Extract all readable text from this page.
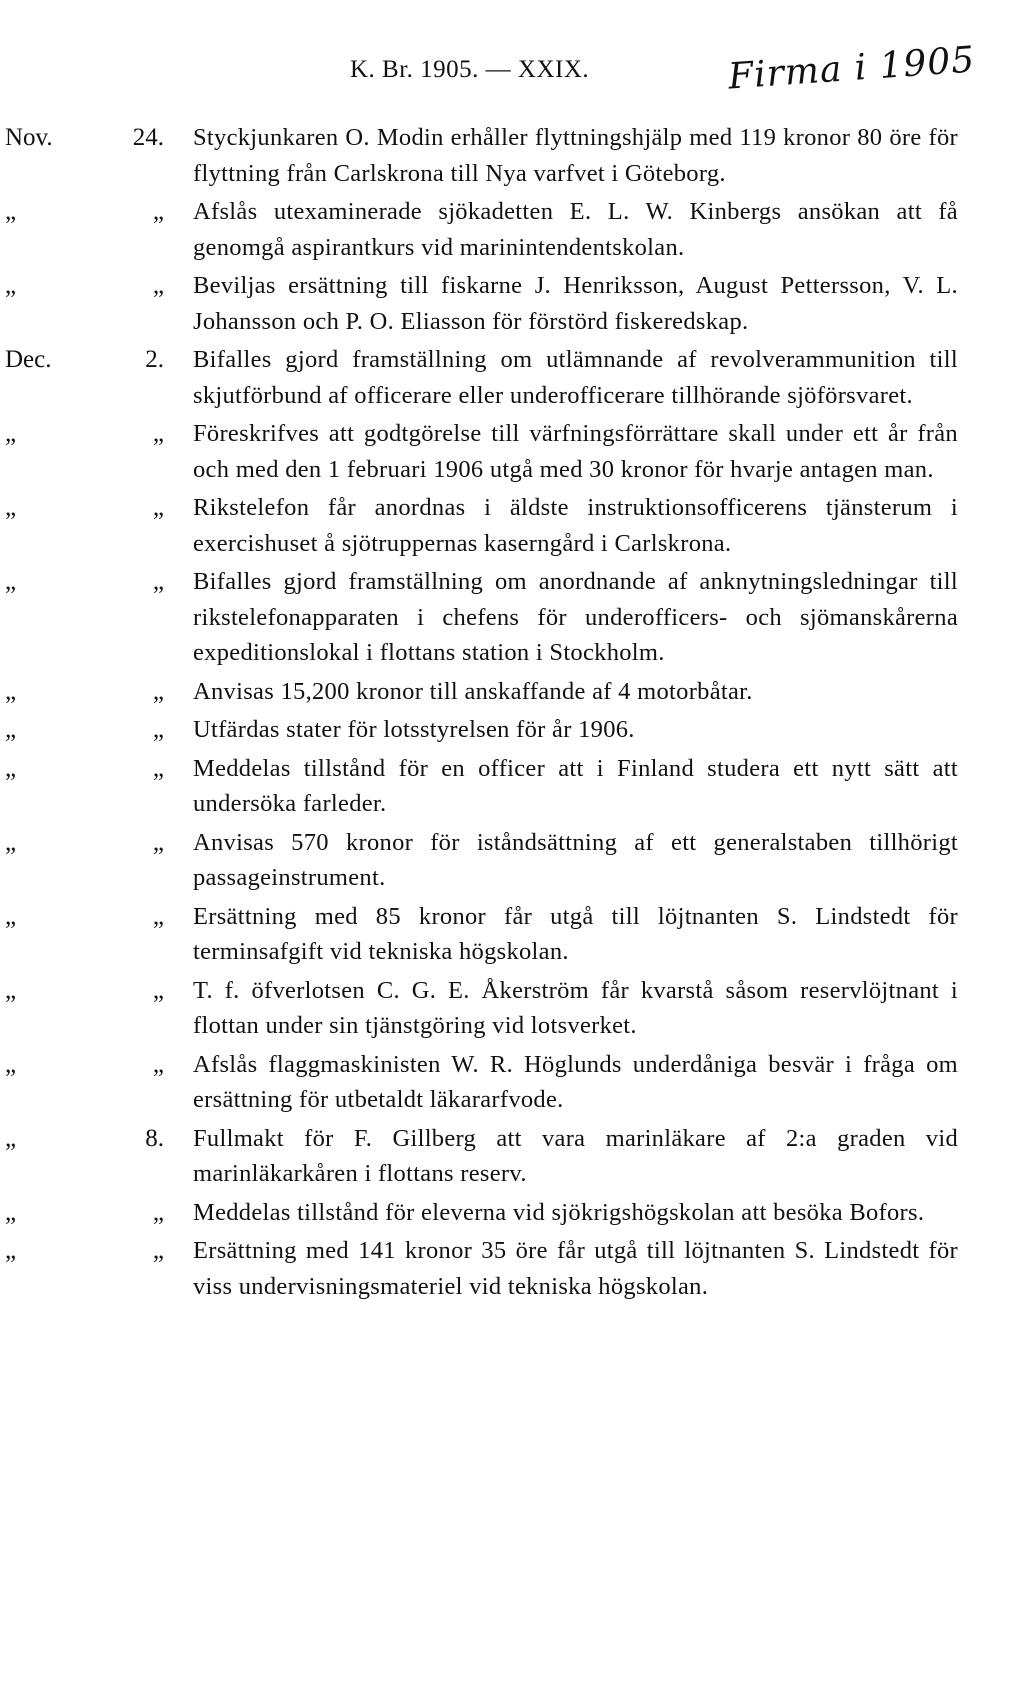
K. Br. 1905. — XXIX.	Firma i 1905
Nov.	24. Styckjunkaren O. Modin erhåller flyttningshjälp med 119 kronor 80 öre för flyttning från Carlskrona till Nya varfvet i Göteborg.
„	„ Afslås utexaminerade sjökadetten E. L. W. Kinbergs ansökan att få genomgå aspirantkurs vid marinintendentskolan.
„	„ Beviljas ersättning till fiskarne J. Henriksson, August Pettersson, V. L. Johansson och P. O. Eliasson för förstörd fiskeredskap.
Dec.	2. Bifalles gjord framställning om utlämnande af revolverammunition till skjutförbund af officerare eller underofficerare tillhörande sjöförsvaret.
„	„ Föreskrifves att godtgörelse till värfningsförrättare skall under ett år från och med den 1 februari 1906 utgå med 30 kronor för hvarje antagen man.
„	„ Rikstelefon får anordnas i äldste instruktionsofficerens tjänsterum i exercishuset å sjötruppernas kaserngård i Carlskrona.
„	„ Bifalles gjord framställning om anordnande af anknytningsledningar till rikstelefonapparaten i chefens för underofficers- och sjömanskårerna expeditionslokal i flottans station i Stockholm.
„	„ Anvisas 15,200 kronor till anskaffande af 4 motorbåtar.
„	„ Utfärdas stater för lotsstyrelsen för år 1906.
„	„ Meddelas tillstånd för en officer att i Finland studera ett nytt sätt att undersöka farleder.
„	„ Anvisas 570 kronor för iståndsättning af ett generalstaben tillhörigt passageinstrument.
„	„ Ersättning med 85 kronor får utgå till löjtnanten S. Lindstedt för terminsafgift vid tekniska högskolan.
„	„ T. f. öfverlotsen C. G. E. Åkerström får kvarstå såsom reservlöjtnant i flottan under sin tjänstgöring vid lotsverket.
„	„ Afslås flaggmaskinisten W. R. Höglunds underdåniga besvär i fråga om ersättning för utbetaldt läkararfvode.
„	8. Fullmakt för F. Gillberg att vara marinläkare af 2:a graden vid marinläkarkåren i flottans reserv.
„	„ Meddelas tillstånd för eleverna vid sjökrigshögskolan att besöka Bofors.
„	„ Ersättning med 141 kronor 35 öre får utgå till löjtnanten S. Lindstedt för viss undervisningsmateriel vid tekniska högskolan.
